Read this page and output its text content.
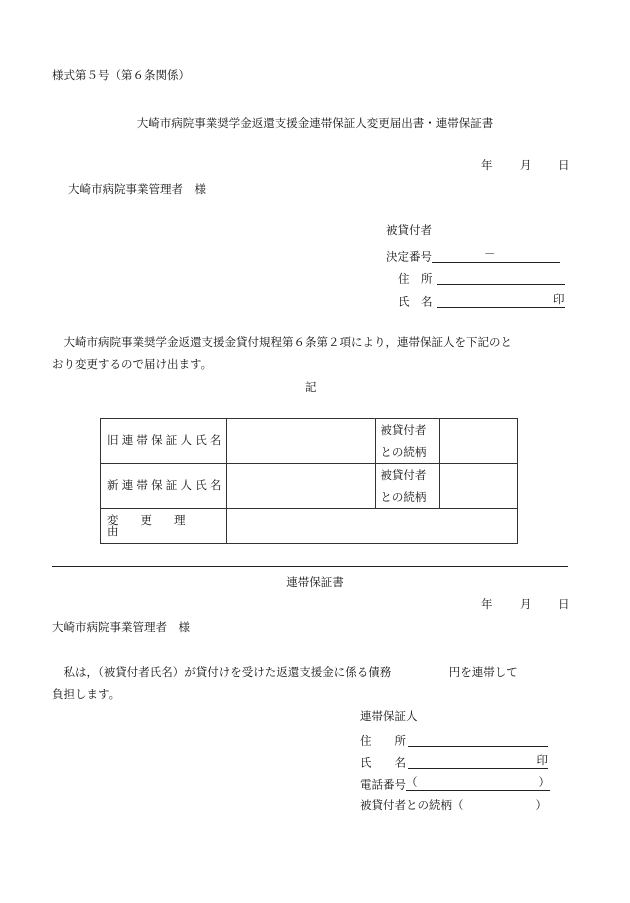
様式第５号（第６条関係）
大崎市病院事業奨学金返還支援金連帯保証人変更届出書・連帯保証書
年 月 日
大崎市病院事業管理者　様
被貸付者
決定番号	－
住　所
氏　名	印
　大崎市病院事業奨学金返還支援金貸付規程第６条第２項により，連帯保証人を下記のと
おり変更するので届け出ます。
記
旧連帯保証人氏名		被貸付者
との続柄	
新連帯保証人氏名		被貸付者
との続柄	
変更理由			
連帯保証書
年 月 日
大崎市病院事業管理者　様
　私は，（被貸付者氏名）が貸付けを受けた返還支援金に係る債務　　　　　円を連帯して
負担します。
連帯保証人
住　　所
氏　　名	印
電話番号 （	）
被貸付者との続柄（	）
